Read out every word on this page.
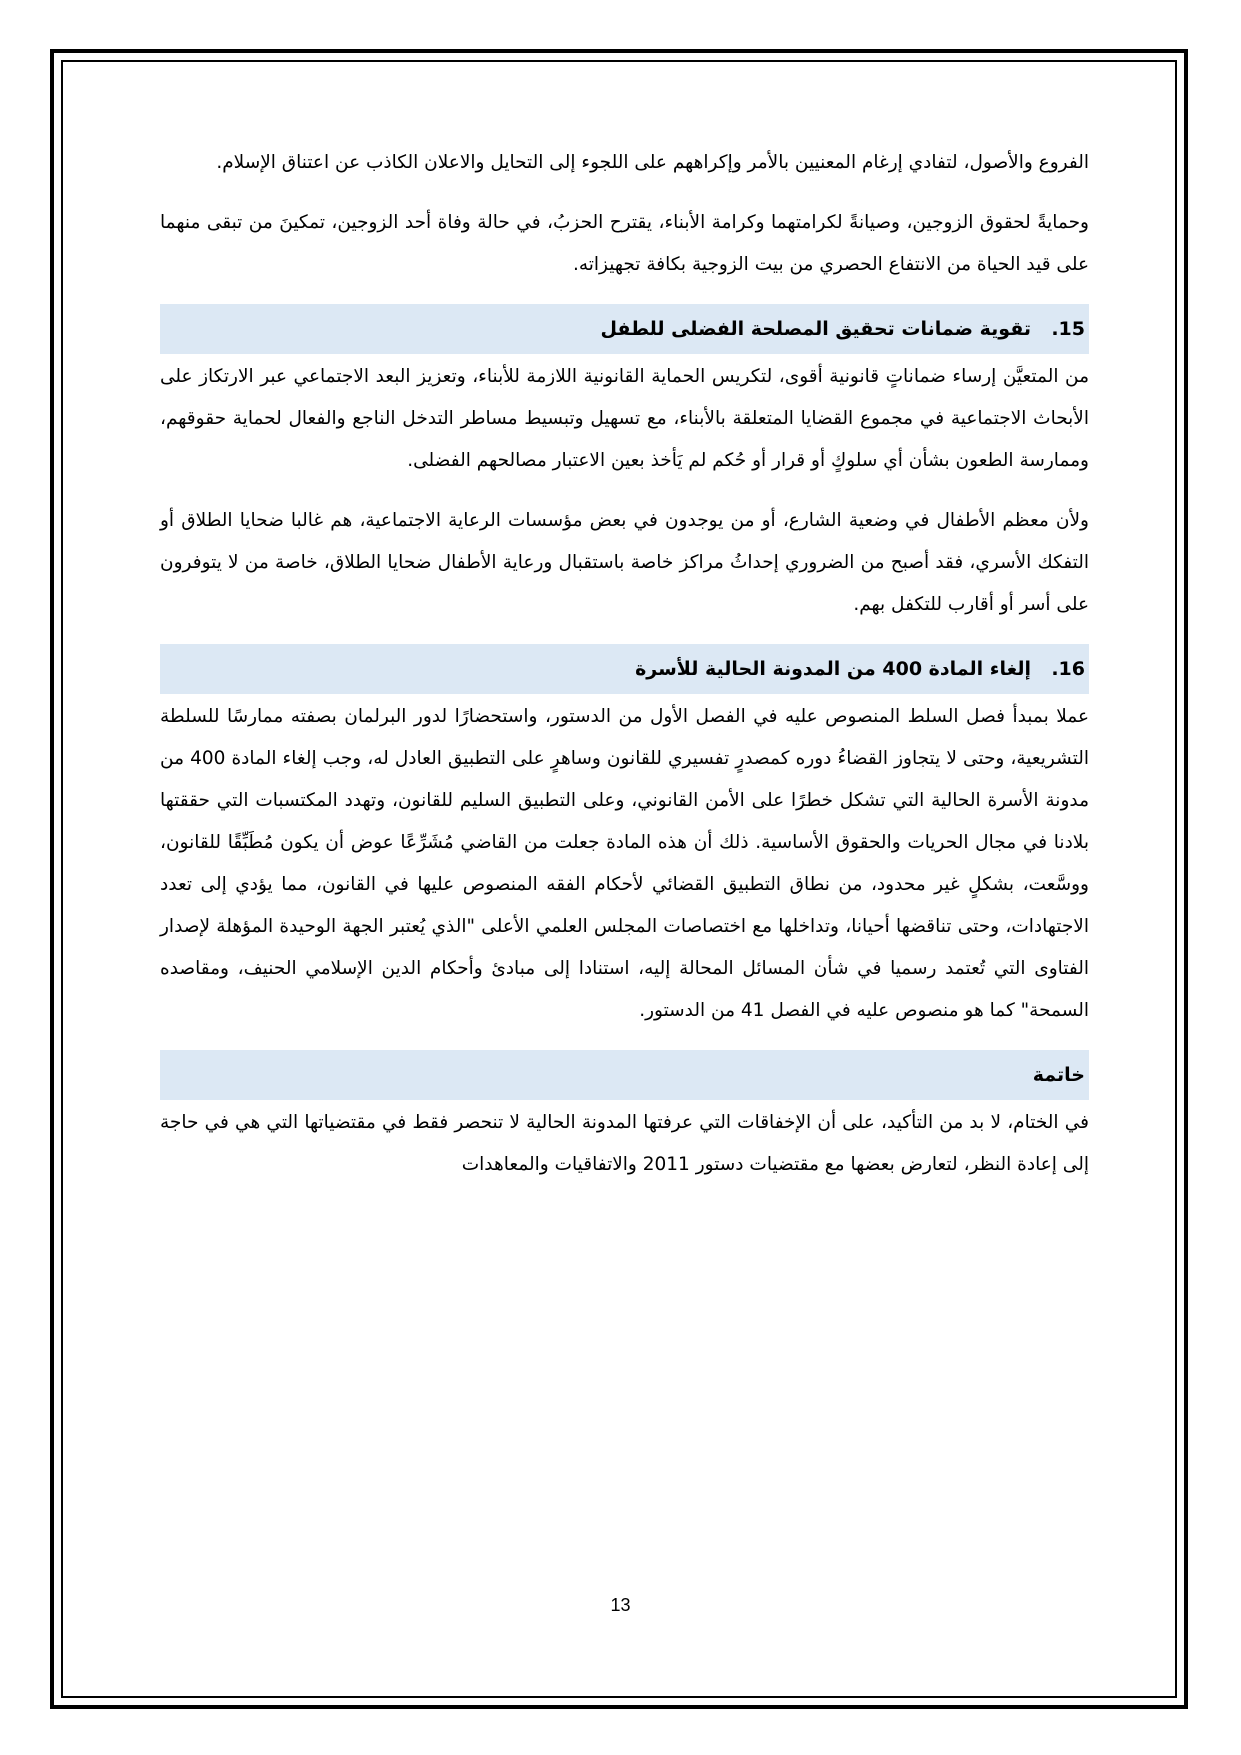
الفروع والأصول، لتفادي إرغام المعنيين بالأمر وإكراههم على اللجوء إلى التحايل والاعلان الكاذب عن اعتناق الإسلام.

وحمايةً لحقوق الزوجين، وصيانةً لكرامتهما وكرامة الأبناء، يقترح الحزبُ، في حالة وفاة أحد الزوجين، تمكينَ من تبقى منهما على قيد الحياة من الانتفاع الحصري من بيت الزوجية بكافة تجهيزاته.

15.
تقوية ضمانات تحقيق المصلحة الفضلى للطفل

من المتعيَّن إرساء ضماناتٍ قانونية أقوى، لتكريس الحماية القانونية اللازمة للأبناء، وتعزيز البعد الاجتماعي عبر الارتكاز على الأبحاث الاجتماعية في مجموع القضايا المتعلقة بالأبناء، مع تسهيل وتبسيط مساطر التدخل الناجع والفعال لحماية حقوقهم، وممارسة الطعون بشأن أي سلوكٍ أو قرار أو حُكم لم يَأخذ بعين الاعتبار مصالحهم الفضلى.

ولأن معظم الأطفال في وضعية الشارع، أو من يوجدون في بعض مؤسسات الرعاية الاجتماعية، هم غالبا ضحايا الطلاق أو التفكك الأسري، فقد أصبح من الضروري إحداثُ مراكز خاصة باستقبال ورعاية الأطفال ضحايا الطلاق، خاصة من لا يتوفرون على أسر أو أقارب للتكفل بهم.

16.
إلغاء المادة 400 من المدونة الحالية للأسرة

عملا بمبدأ فصل السلط المنصوص عليه في الفصل الأول من الدستور، واستحضارًا لدور البرلمان بصفته ممارسًا للسلطة التشريعية، وحتى لا يتجاوز القضاءُ دوره كمصدرٍ تفسيري للقانون وساهرٍ على التطبيق العادل له، وجب إلغاء المادة 400 من مدونة الأسرة الحالية التي تشكل خطرًا على الأمن القانوني، وعلى التطبيق السليم للقانون، وتهدد المكتسبات التي حققتها بلادنا في مجال الحريات والحقوق الأساسية. ذلك أن هذه المادة جعلت من القاضي مُشَرِّعًا عوض أن يكون مُطَبِّقًا للقانون، ووسَّعت، بشكلٍ غير محدود، من نطاق التطبيق القضائي لأحكام الفقه المنصوص عليها في القانون، مما يؤدي إلى تعدد الاجتهادات، وحتى تناقضها أحيانا، وتداخلها مع اختصاصات المجلس العلمي الأعلى "الذي يُعتبر الجهة الوحيدة المؤهلة لإصدار الفتاوى التي تُعتمد رسميا في شأن المسائل المحالة إليه، استنادا إلى مبادئ وأحكام الدين الإسلامي الحنيف، ومقاصده السمحة" كما هو منصوص عليه في الفصل 41 من الدستور.

خاتمة

في الختام، لا بد من التأكيد، على أن الإخفاقات التي عرفتها المدونة الحالية لا تنحصر فقط في مقتضياتها التي هي في حاجة إلى إعادة النظر، لتعارض بعضها مع مقتضيات دستور 2011 والاتفاقيات والمعاهدات

13
